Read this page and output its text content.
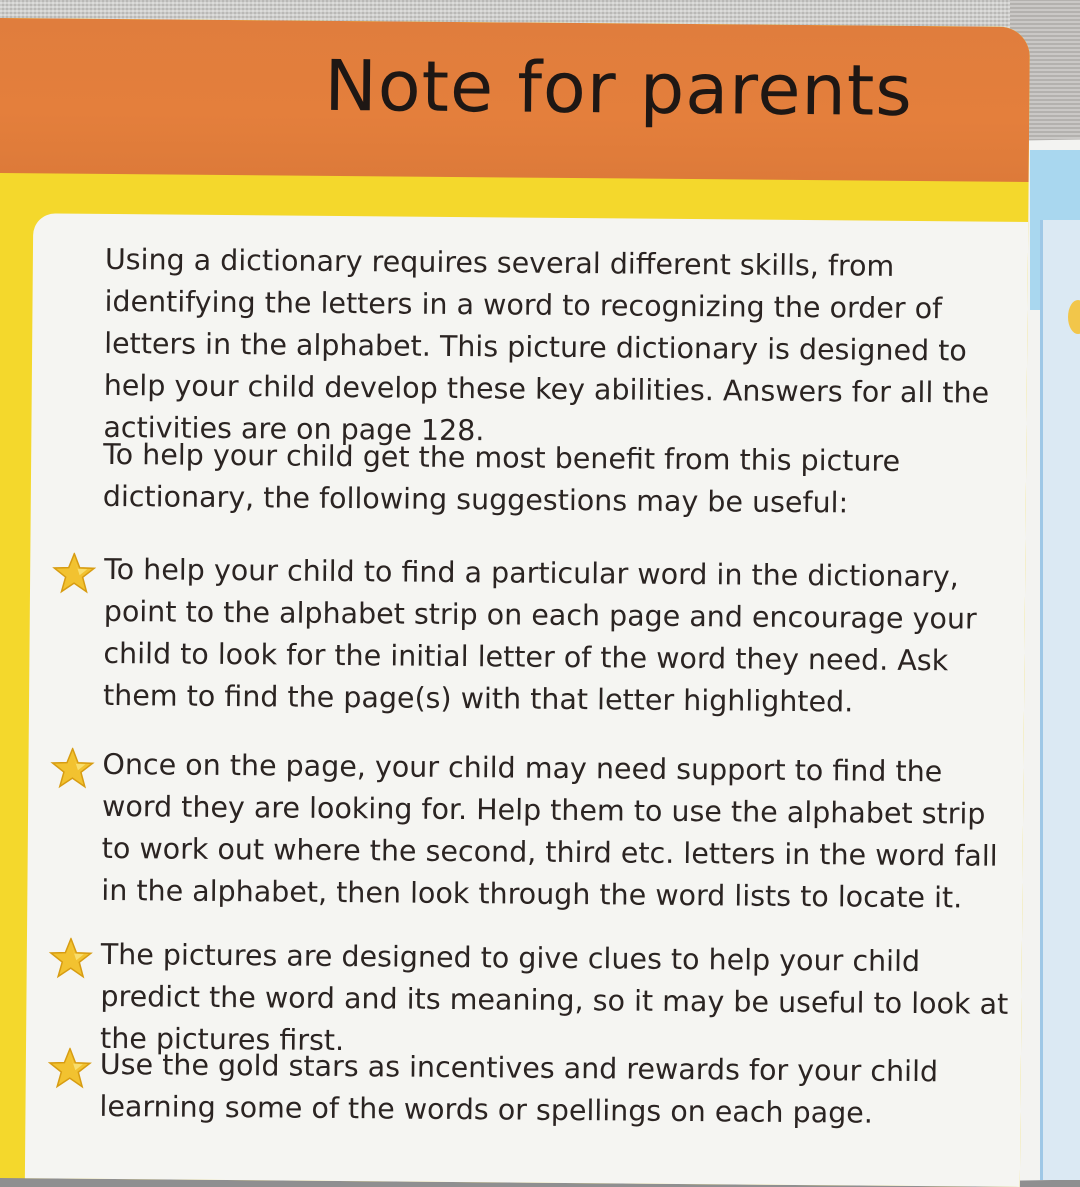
Note for parents

Using a dictionary requires several different skills, from identifying the letters in a word to recognizing the order of letters in the alphabet. This picture dictionary is designed to help your child develop these key abilities. Answers for all the activities are on page 128.

To help your child get the most benefit from this picture dictionary, the following suggestions may be useful:

To help your child to find a particular word in the dictionary, point to the alphabet strip on each page and encourage your child to look for the initial letter of the word they need. Ask them to find the page(s) with that letter highlighted.

Once on the page, your child may need support to find the word they are looking for. Help them to use the alphabet strip to work out where the second, third etc. letters in the word fall in the alphabet, then look through the word lists to locate it.

The pictures are designed to give clues to help your child predict the word and its meaning, so it may be useful to look at the pictures first.

Use the gold stars as incentives and rewards for your child learning some of the words or spellings on each page.
